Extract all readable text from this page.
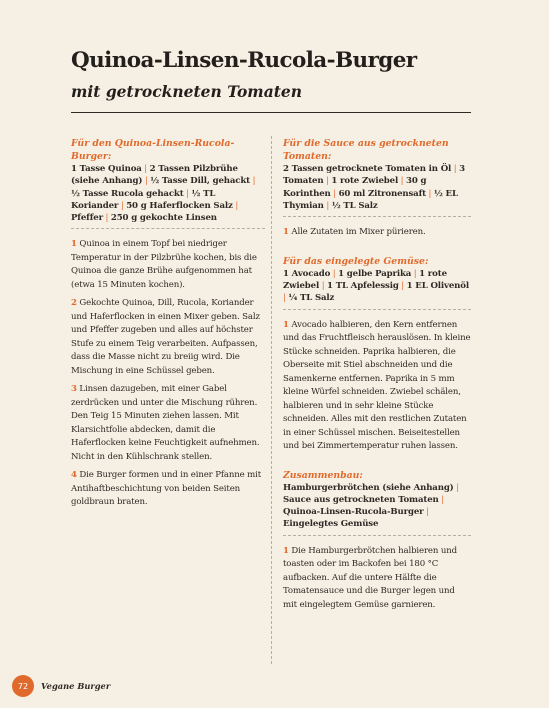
Quinoa-Linsen-Rucola-Burger
mit getrockneten Tomaten
Für den Quinoa-Linsen-Rucola-Burger:
1 Tasse Quinoa | 2 Tassen Pilzbrühe (siehe Anhang) | ½ Tasse Dill, gehackt | ½ Tasse Rucola gehackt | ½ TL Koriander | 50 g Haferflocken Salz | Pfeffer | 250 g gekochte Linsen

1 Quinoa in einem Topf bei niedriger Temperatur in der Pilzbrühe kochen, bis die Quinoa die ganze Brühe aufgenommen hat (etwa 15 Minuten kochen).

2 Gekochte Quinoa, Dill, Rucola, Koriander und Haferflocken in einen Mixer geben. Salz und Pfeffer zugeben und alles auf höchster Stufe zu einem Teig verarbeiten. Aufpassen, dass die Masse nicht zu breiig wird. Die Mischung in eine Schüssel geben.

3 Linsen dazugeben, mit einer Gabel zerdrücken und unter die Mischung rühren. Den Teig 15 Minuten ziehen lassen. Mit Klarsichtfolie abdecken, damit die Haferflocken keine Feuchtigkeit aufnehmen. Nicht in den Kühlschrank stellen.

4 Die Burger formen und in einer Pfanne mit Antihaftbeschichtung von beiden Seiten goldbraun braten.

Für die Sauce aus getrockneten Tomaten:
2 Tassen getrocknete Tomaten in Öl | 3 Tomaten | 1 rote Zwiebel | 30 g Korinthen | 60 ml Zitronensaft | ½ EL Thymian | ½ TL Salz

1 Alle Zutaten im Mixer pürieren.

Für das eingelegte Gemüse:
1 Avocado | 1 gelbe Paprika | 1 rote Zwiebel | 1 TL Apfelessig | 1 EL Olivenöl | ¼ TL Salz

1 Avocado halbieren, den Kern entfernen und das Fruchtfleisch herauslösen. In kleine Stücke schneiden. Paprika halbieren, die Oberseite mit Stiel abschneiden und die Samenkerne entfernen. Paprika in 5 mm kleine Würfel schneiden. Zwiebel schälen, halbieren und in sehr kleine Stücke schneiden. Alles mit den restlichen Zutaten in einer Schüssel mischen. Beiseitestellen und bei Zimmertemperatur ruhen lassen.

Zusammenbau:
Hamburgerbrötchen (siehe Anhang) | Sauce aus getrockneten Tomaten | Quinoa-Linsen-Rucola-Burger | Eingelegtes Gemüse

1 Die Hamburgerbrötchen halbieren und toasten oder im Backofen bei 180 °C aufbacken. Auf die untere Hälfte die Tomatensauce und die Burger legen und mit eingelegtem Gemüse garnieren.

72	Vegane Burger
